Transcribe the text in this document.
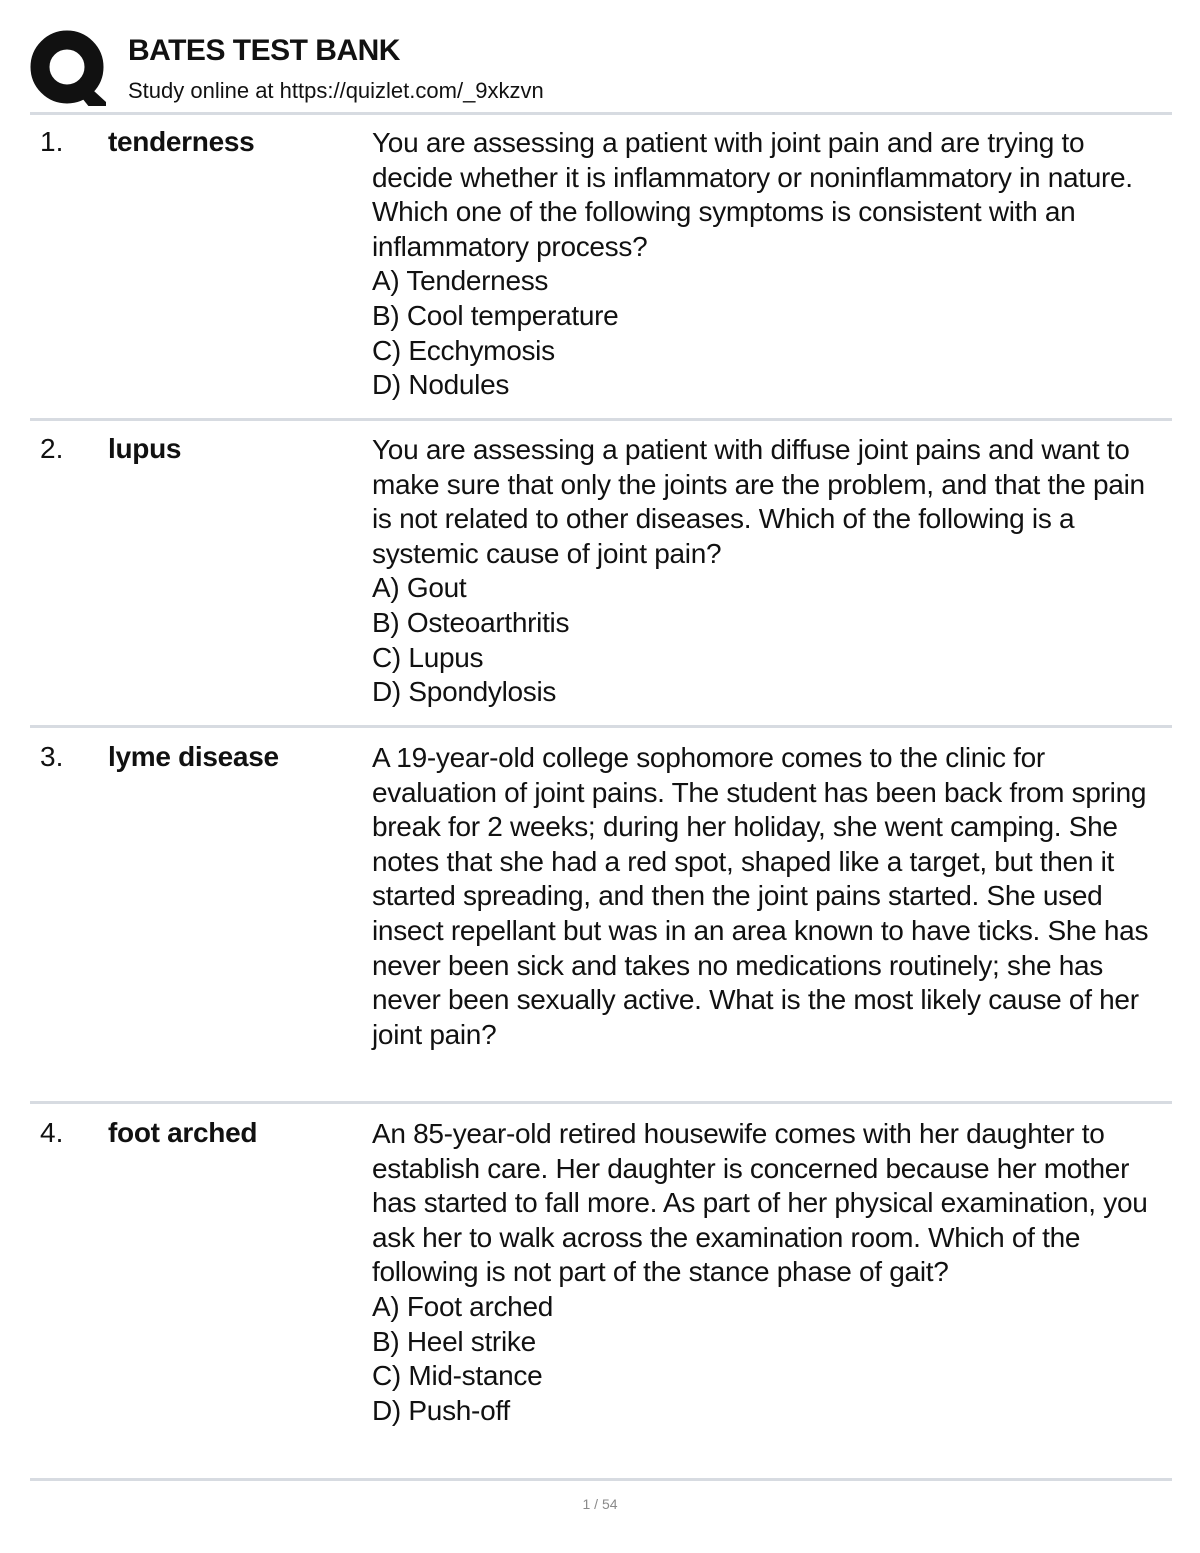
BATES TEST BANK
Study online at https://quizlet.com/_9xkzvn
1. tenderness	You are assessing a patient with joint pain and are trying to decide whether it is inflammatory or noninflammatory in nature. Which one of the following symptoms is consistent with an inflammatory process?

A) Tenderness

B) Cool temperature

C) Ecchymosis

D) Nodules

2. lupus	You are assessing a patient with diffuse joint pains and want to make sure that only the joints are the problem, and that the pain is not related to other diseases. Which of the following is a systemic cause of joint pain?

A) Gout

B) Osteoarthritis

C) Lupus

D) Spondylosis

3. lyme disease	A 19-year-old college sophomore comes to the clinic for evaluation of joint pains. The student has been back from spring break for 2 weeks; during her holiday, she went camping. She notes that she had a red spot, shaped like a target, but then it started spreading, and then the joint pains started. She used insect repellant but was in an area known to have ticks. She has never been sick and takes no medications routinely; she has never been sexually active. What is the most likely cause of her joint pain?

4. foot arched	An 85-year-old retired housewife comes with her daughter to establish care. Her daughter is concerned because her mother has started to fall more. As part of her physical examination, you ask her to walk across the examination room. Which of the following is not part of the stance phase of gait?

A) Foot arched

B) Heel strike

C) Mid-stance

D) Push-off

1 / 54
